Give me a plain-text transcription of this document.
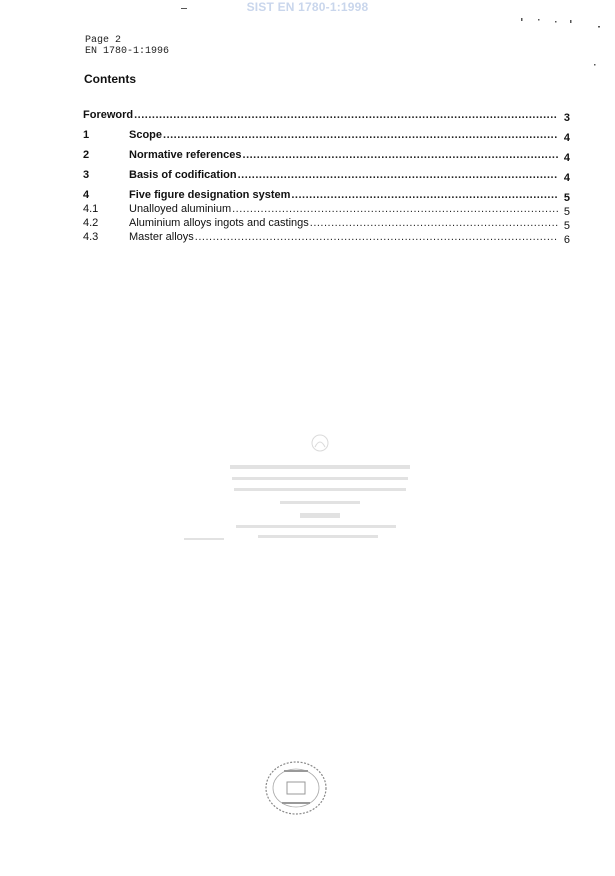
SIST EN 1780-1:1998
Page 2
EN 1780-1:1996
Contents
Foreword .....	3
1	Scope .....	4
2	Normative references .....	4
3	Basis of codification .....	4
4	Five figure designation system .....	5
4.1	Unalloyed aluminium .....	5
4.2	Aluminium alloys ingots and castings .....	5
4.3	Master alloys .....	6
